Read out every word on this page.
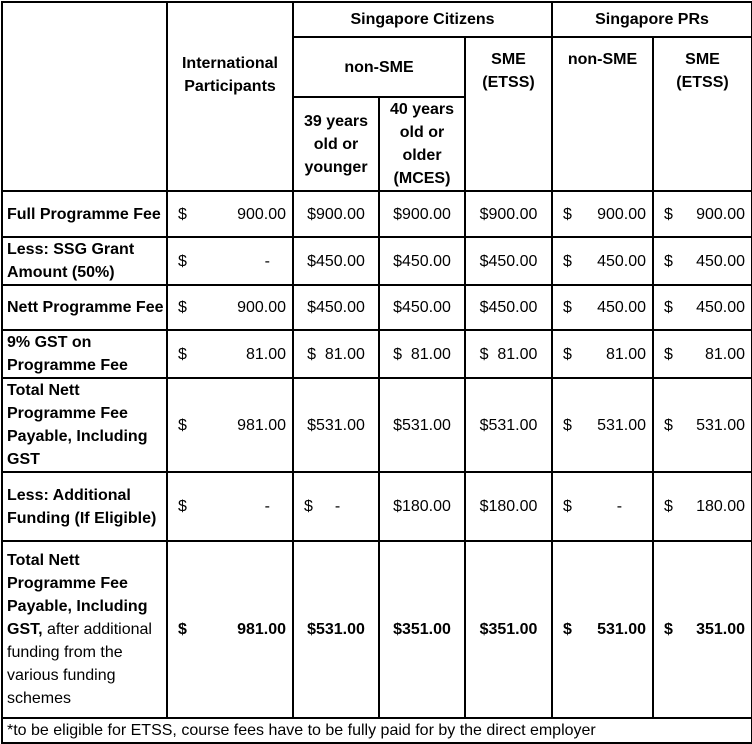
	International Participants	Singapore Citizens			Singapore PRs	
		non-SME		SME (ETSS)	non-SME	SME (ETSS)
		39 years old or younger	40 years old or older (MCES)			
Full Programme Fee	$ 900.00	$900.00	$900.00	$900.00	$ 900.00	$ 900.00

Less: SSG Grant Amount (50%)	$ -	$450.00	$450.00	$450.00	$ 450.00	$ 450.00

Nett Programme Fee	$ 900.00	$450.00	$450.00	$450.00	$ 450.00	$ 450.00

9% GST on Programme Fee	$ 81.00	$  81.00	$  81.00	$  81.00	$ 81.00	$ 81.00

Total Nett Programme Fee Payable, Including GST	$ 981.00	$531.00	$531.00	$531.00	$ 531.00	$ 531.00

Less: Additional Funding (If Eligible)	$ -	$ -	$180.00	$180.00	$ -	$ 180.00

Total Nett Programme Fee Payable, Including GST, after additional funding from the various funding schemes	$ 981.00	$531.00	$351.00	$351.00	$ 531.00	$ 351.00

*to be eligible for ETSS, course fees have to be fully paid for by the direct employer						
